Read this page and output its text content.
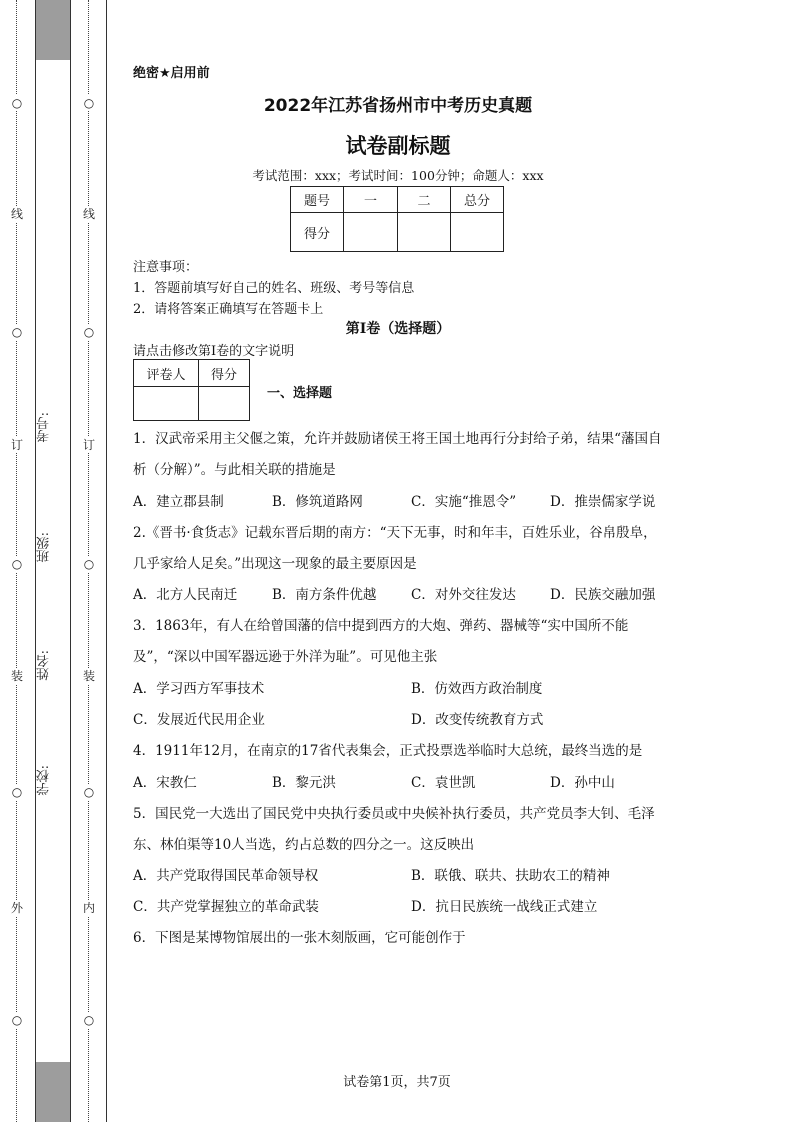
○
线
○
订
○
装
○
外
○
考号:
班级:
姓名:
学校:
○
线
○
订
○
装
○
内
○
绝密★启用前
2022年江苏省扬州市中考历史真题
试卷副标题
考试范围：xxx；考试时间：100分钟；命题人：xxx
题号	一	二	总分
得分			
注意事项：
1．答题前填写好自己的姓名、班级、考号等信息
2．请将答案正确填写在答题卡上
第I卷（选择题）
请点击修改第I卷的文字说明
评卷人	得分

一、选择题
1．汉武帝采用主父偃之策，允许并鼓励诸侯王将王国土地再行分封给子弟，结果“藩国自析（分解）”。与此相关联的措施是
A．建立郡县制	B．修筑道路网	C．实施“推恩令”	D．推崇儒家学说
2.《晋书·食货志》记载东晋后期的南方：“天下无事，时和年丰，百姓乐业，谷帛殷阜，几乎家给人足矣。”出现这一现象的最主要原因是
A．北方人民南迁	B．南方条件优越	C．对外交往发达	D．民族交融加强
3．1863年，有人在给曾国藩的信中提到西方的大炮、弹药、器械等“实中国所不能及”，“深以中国军器远逊于外洋为耻”。可见他主张
A．学习西方军事技术	B．仿效西方政治制度
C．发展近代民用企业	D．改变传统教育方式
4．1911年12月，在南京的17省代表集会，正式投票选举临时大总统，最终当选的是
A．宋教仁	B．黎元洪	C．袁世凯	D．孙中山
5．国民党一大选出了国民党中央执行委员或中央候补执行委员，共产党员李大钊、毛泽东、林伯渠等10人当选，约占总数的四分之一。这反映出
A．共产党取得国民革命领导权	B．联俄、联共、扶助农工的精神
C．共产党掌握独立的革命武装	D．抗日民族统一战线正式建立
6．下图是某博物馆展出的一张木刻版画，它可能创作于
试卷第1页，共7页
